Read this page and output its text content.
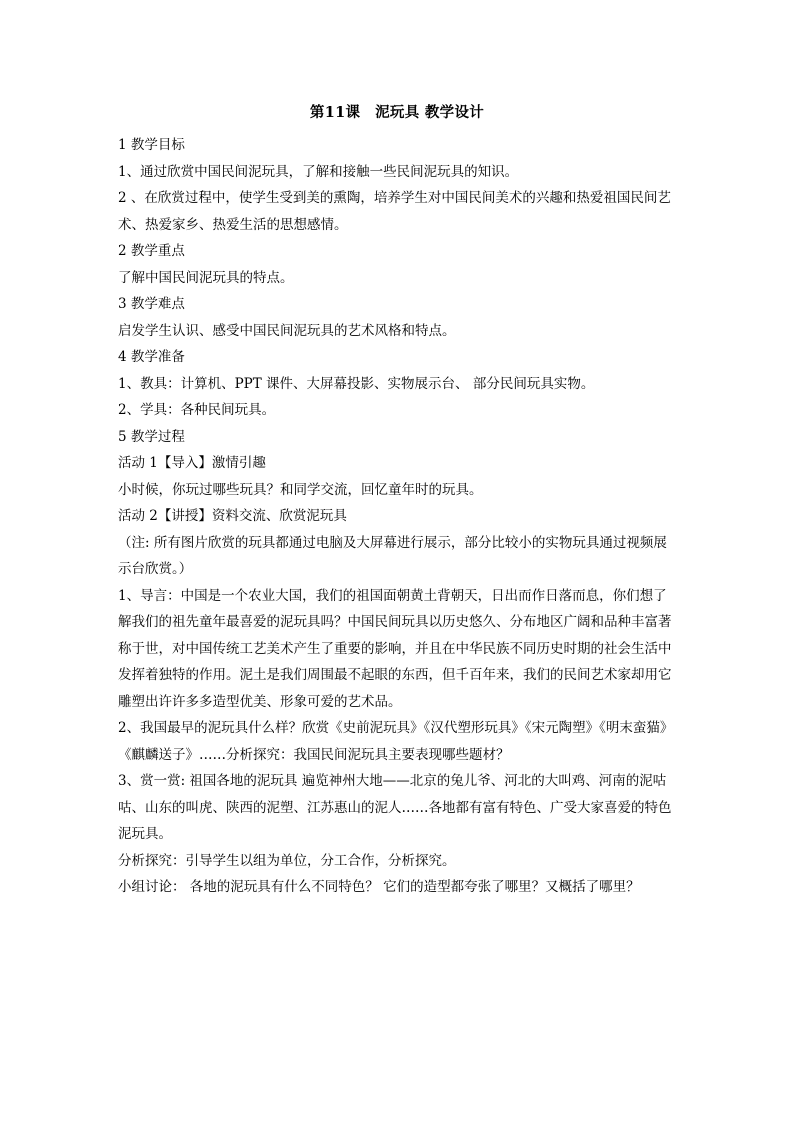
第11课　泥玩具 教学设计

1 教学目标

1、通过欣赏中国民间泥玩具，了解和接触一些民间泥玩具的知识。

2 、在欣赏过程中，使学生受到美的熏陶，培养学生对中国民间美术的兴趣和热爱祖国民间艺术、热爱家乡、热爱生活的思想感情。

2 教学重点

了解中国民间泥玩具的特点。

3 教学难点

启发学生认识、感受中国民间泥玩具的艺术风格和特点。

4 教学准备

1、教具：计算机、PPT 课件、大屏幕投影、实物展示台、 部分民间玩具实物。

2、学具：各种民间玩具。

5 教学过程

活动 1【导入】激情引趣

小时候，你玩过哪些玩具？和同学交流，回忆童年时的玩具。

活动 2【讲授】资料交流、欣赏泥玩具

（注: 所有图片欣赏的玩具都通过电脑及大屏幕进行展示，部分比较小的实物玩具通过视频展示台欣赏。）

1、导言：中国是一个农业大国，我们的祖国面朝黄土背朝天，日出而作日落而息，你们想了解我们的祖先童年最喜爱的泥玩具吗？中国民间玩具以历史悠久、分布地区广阔和品种丰富著称于世，对中国传统工艺美术产生了重要的影响，并且在中华民族不同历史时期的社会生活中发挥着独特的作用。泥土是我们周围最不起眼的东西，但千百年来，我们的民间艺术家却用它雕塑出许许多多造型优美、形象可爱的艺术品。

2、我国最早的泥玩具什么样？欣赏《史前泥玩具》《汉代塑形玩具》《宋元陶塑》《明末蛮猫》《麒麟送子》……分析探究：我国民间泥玩具主要表现哪些题材？

3、赏一赏: 祖国各地的泥玩具 遍览神州大地——北京的兔儿爷、河北的大叫鸡、河南的泥咕咕、山东的叫虎、陕西的泥塑、江苏惠山的泥人……各地都有富有特色、广受大家喜爱的特色泥玩具。

分析探究：引导学生以组为单位，分工合作，分析探究。

小组讨论： 各地的泥玩具有什么不同特色？ 它们的造型都夸张了哪里？又概括了哪里？
